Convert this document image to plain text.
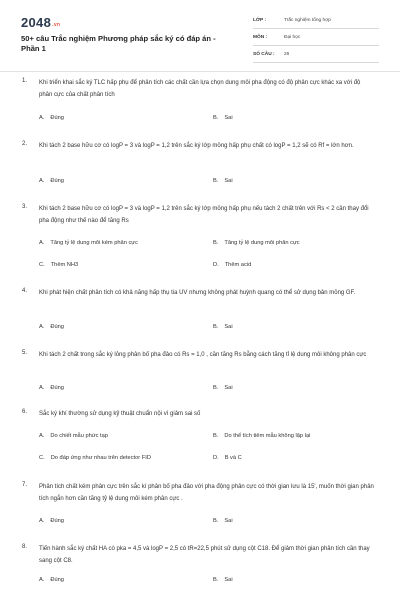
$2048^{.vn}$
50+ câu Trắc nghiệm Phương pháp sắc ký có đáp án - Phần 1
LỚP :	Trắc nghiệm tổng hợp
MÔN :	Đại học
SỐ CÂU : 26
1. Khi triển khai sắc ký TLC hấp phụ để phân tích các chất cần lựa chọn dung môi pha động có độ phân cực khác xa với độ phân cực của chất phân tích
A. Đúng	B. Sai
2. Khi tách 2 base hữu cơ có logP = 3 và logP = 1,2 trên sắc ký lớp mỏng hấp phụ chất có logP = 1,2 sẽ có Rf = lớn hơn.
A. Đúng	B. Sai
3. Khi tách 2 base hữu cơ có logP = 3 và logP = 1,2 trên sắc ký lớp mỏng hấp phụ nếu tách 2 chất trên với Rs < 2 cần thay đổi pha động như thế nào để tăng Rs
A. Tăng tỷ lệ dung môi kém phân cực	B. Tăng tỷ lệ dung môi phân cực
C. Thêm NH3	D. Thêm acid
4. Khi phát hiện chất phân tích có khả năng hấp thụ tia UV nhưng không phát huỳnh quang có thể sử dụng bản mỏng GF.
A. Đúng	B. Sai
5. Khi tách 2 chất trong sắc ký lỏng phân bố pha đảo có Rs = 1,0 , cần tăng Rs bằng cách tăng tỉ lệ dung môi không phân cực
A. Đúng	B. Sai
6. Sắc ký khí thường sử dụng kỹ thuật chuẩn nội vì giảm sai số
A. Do chiết mẫu phức tạp	B. Do thể tích tiêm mẫu không lặp lại
C. Do đáp ứng như nhau trên detector FID	D. B và C
7. Phân tích chất kém phân cực trên sắc kí phân bố pha đảo với pha động phân cực có thời gian lưu là 15', muốn thời gian phân tích ngắn hơn cần tăng tỷ lệ dung môi kém phân cực .
A. Đúng	B. Sai
8. Tiến hành sắc ký chất HA có pka = 4,5 và logP = 2,5 có tR=22,5 phút sử dụng cột C18. Để giảm thời gian phân tích cần thay sang cột C8.
A. Đúng	B. Sai
